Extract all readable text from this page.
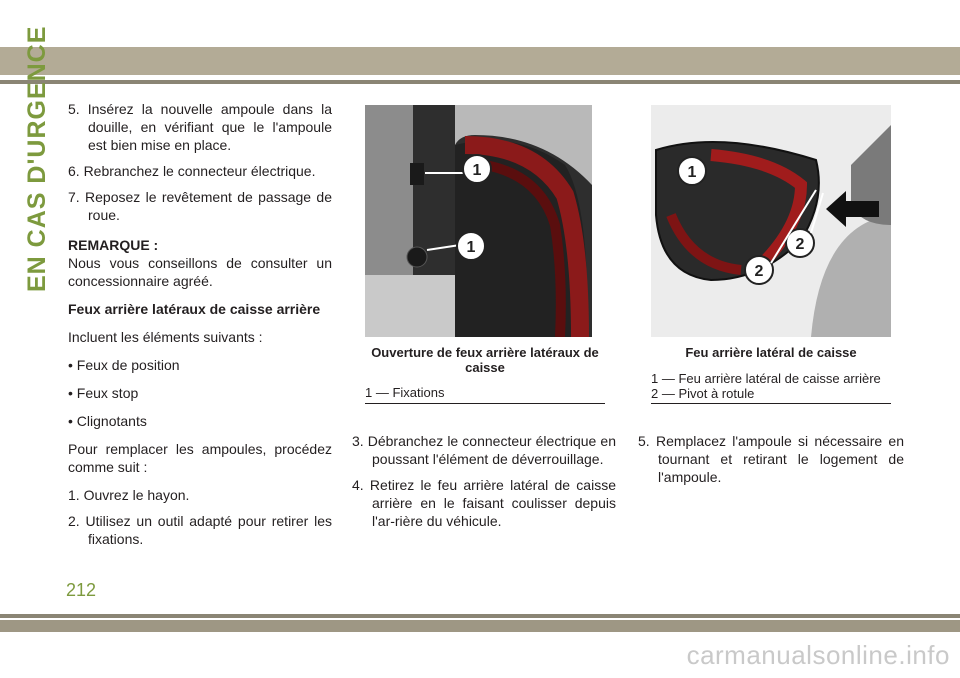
EN CAS D'URGENCE 5. Insérez la nouvelle ampoule dans la douille, en vérifiant que le l'ampoule est bien mise en place.

6. Rebranchez le connecteur électrique.

7. Reposez le revêtement de passage de roue.

REMARQUE :

Nous vous conseillons de consulter un concessionnaire agréé.

Feux arrière latéraux de caisse arrière

Incluent les éléments suivants :

• Feux de position

• Feux stop

• Clignotants

Pour remplacer les ampoules, procédez comme suit :

1. Ouvrez le hayon.

2. Utilisez un outil adapté pour retirer les fixations.

1
1
Ouverture de feux arrière latéraux de caisse
1 — Fixations
1
2
2
Feu arrière latéral de caisse
1 — Feu arrière latéral de caisse arrière
2 — Pivot à rotule

3. Débranchez le connecteur électrique en poussant l'élément de déverrouillage.

4. Retirez le feu arrière latéral de caisse arrière en le faisant coulisser depuis l'ar-rière du véhicule.

5. Remplacez l'ampoule si nécessaire en tournant et retirant le logement de l'ampoule.

212
carmanualsonline.info
